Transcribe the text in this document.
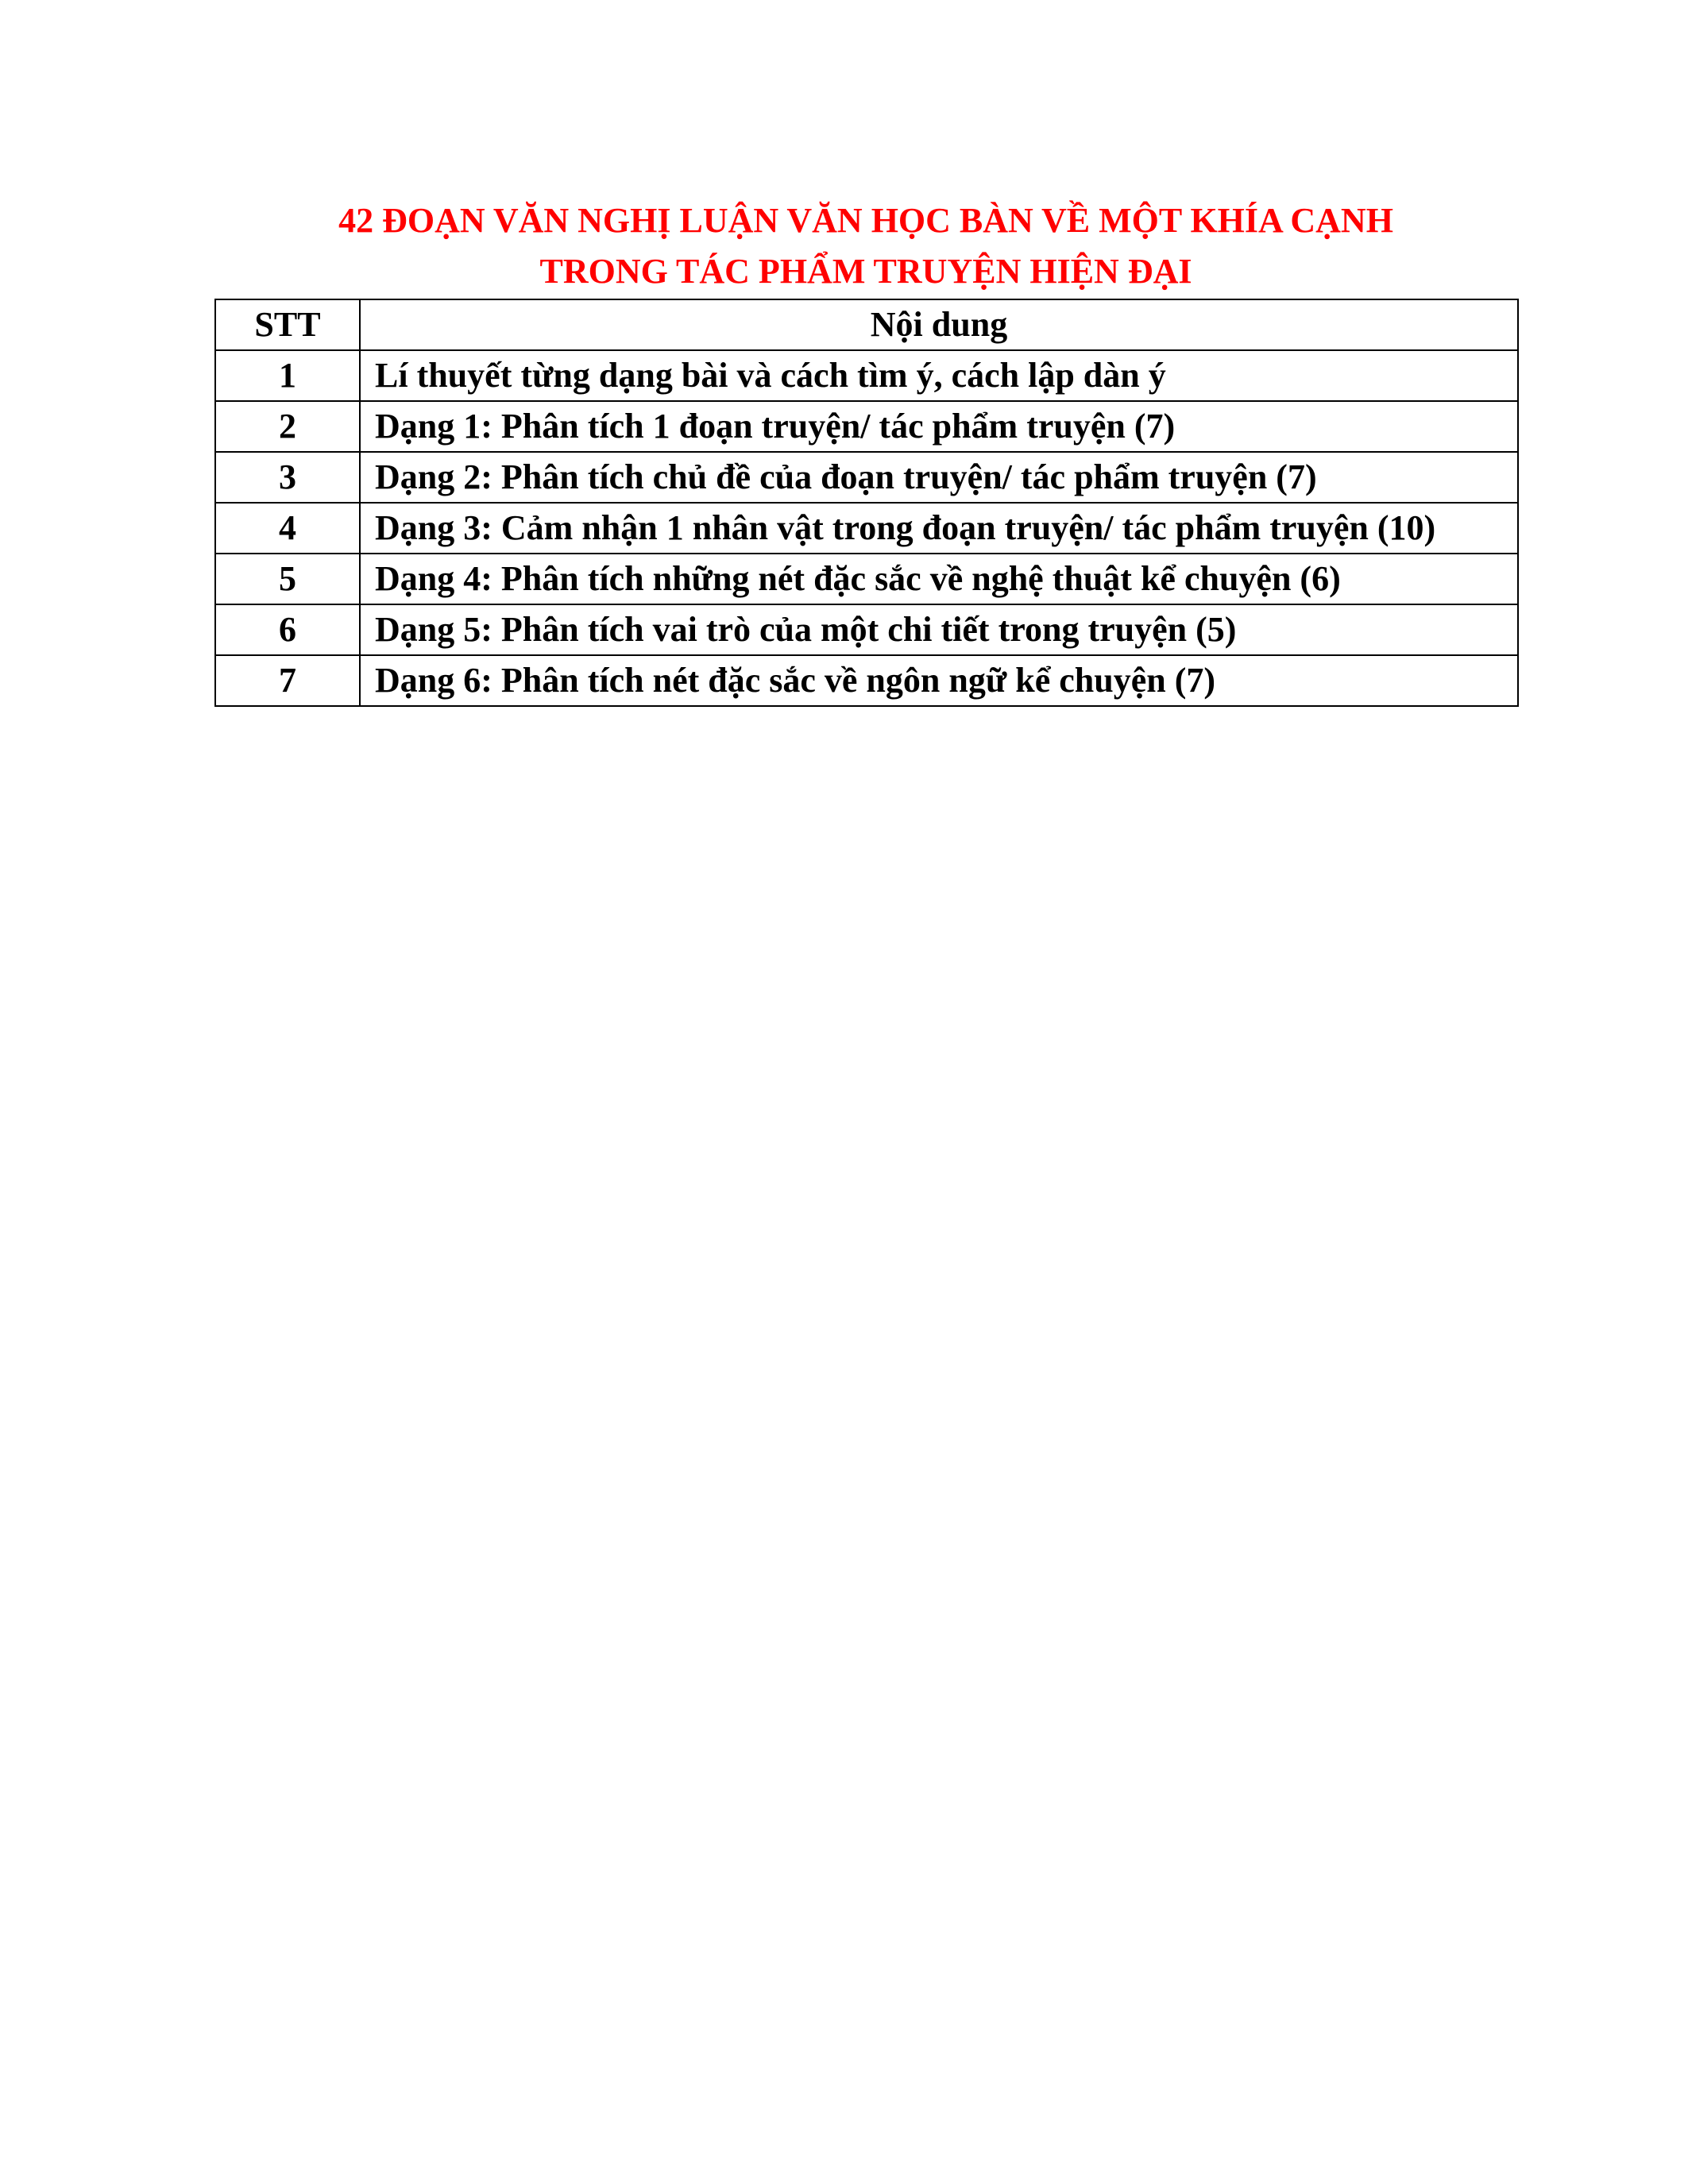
42 ĐOẠN VĂN NGHỊ LUẬN VĂN HỌC BÀN VỀ MỘT KHÍA CẠNH
TRONG TÁC PHẨM TRUYỆN HIỆN ĐẠI
STT	Nội dung
1	Lí thuyết từng dạng bài và cách tìm ý, cách lập dàn ý
2	Dạng 1: Phân tích 1 đoạn truyện/ tác phẩm truyện (7)
3	Dạng 2: Phân tích chủ đề của đoạn truyện/ tác phẩm truyện (7)
4	Dạng 3: Cảm nhận 1 nhân vật trong đoạn truyện/ tác phẩm truyện (10)
5	Dạng 4: Phân tích những nét đặc sắc về nghệ thuật kể chuyện (6)
6	Dạng 5: Phân tích vai trò của một chi tiết trong truyện (5)
7	Dạng 6: Phân tích nét đặc sắc về ngôn ngữ kể chuyện (7)
